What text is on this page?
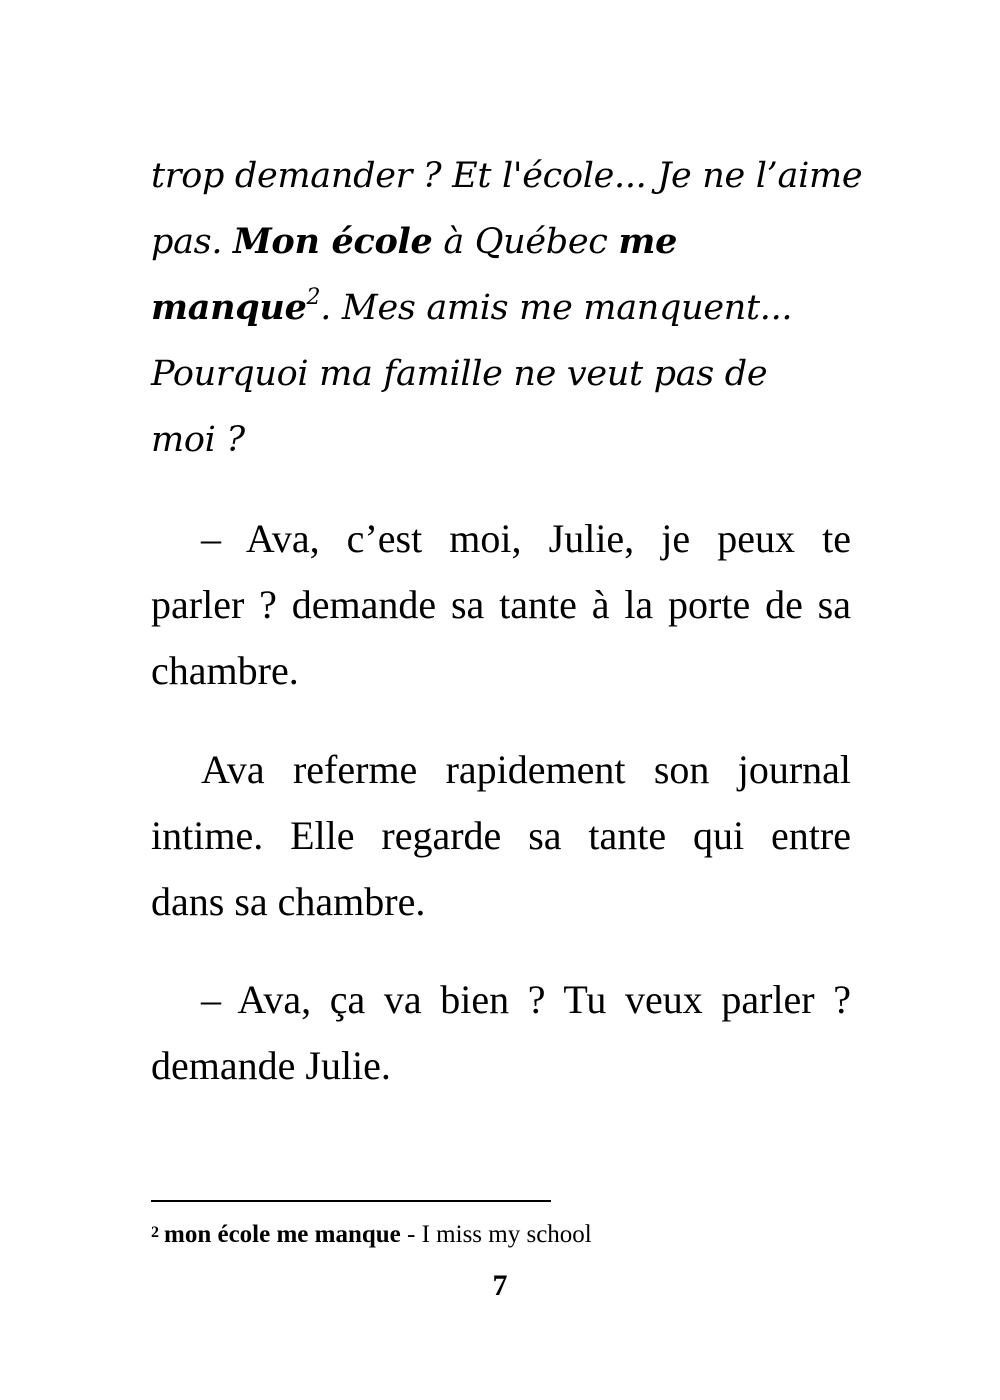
trop demander ? Et l'école... Je ne l’aime
pas. Mon école à Québec me
manque$^2$. Mes amis me manquent...
Pourquoi ma famille ne veut pas de
moi ?
– Ava, c’est moi, Julie, je peux te
parler ? demande sa tante à la porte de sa
chambre.
Ava referme rapidement son journal
intime. Elle regarde sa tante qui entre
dans sa chambre.
– Ava, ça va bien ? Tu veux parler ?
demande Julie.
$^2$ mon école me manque - I miss my school
7
